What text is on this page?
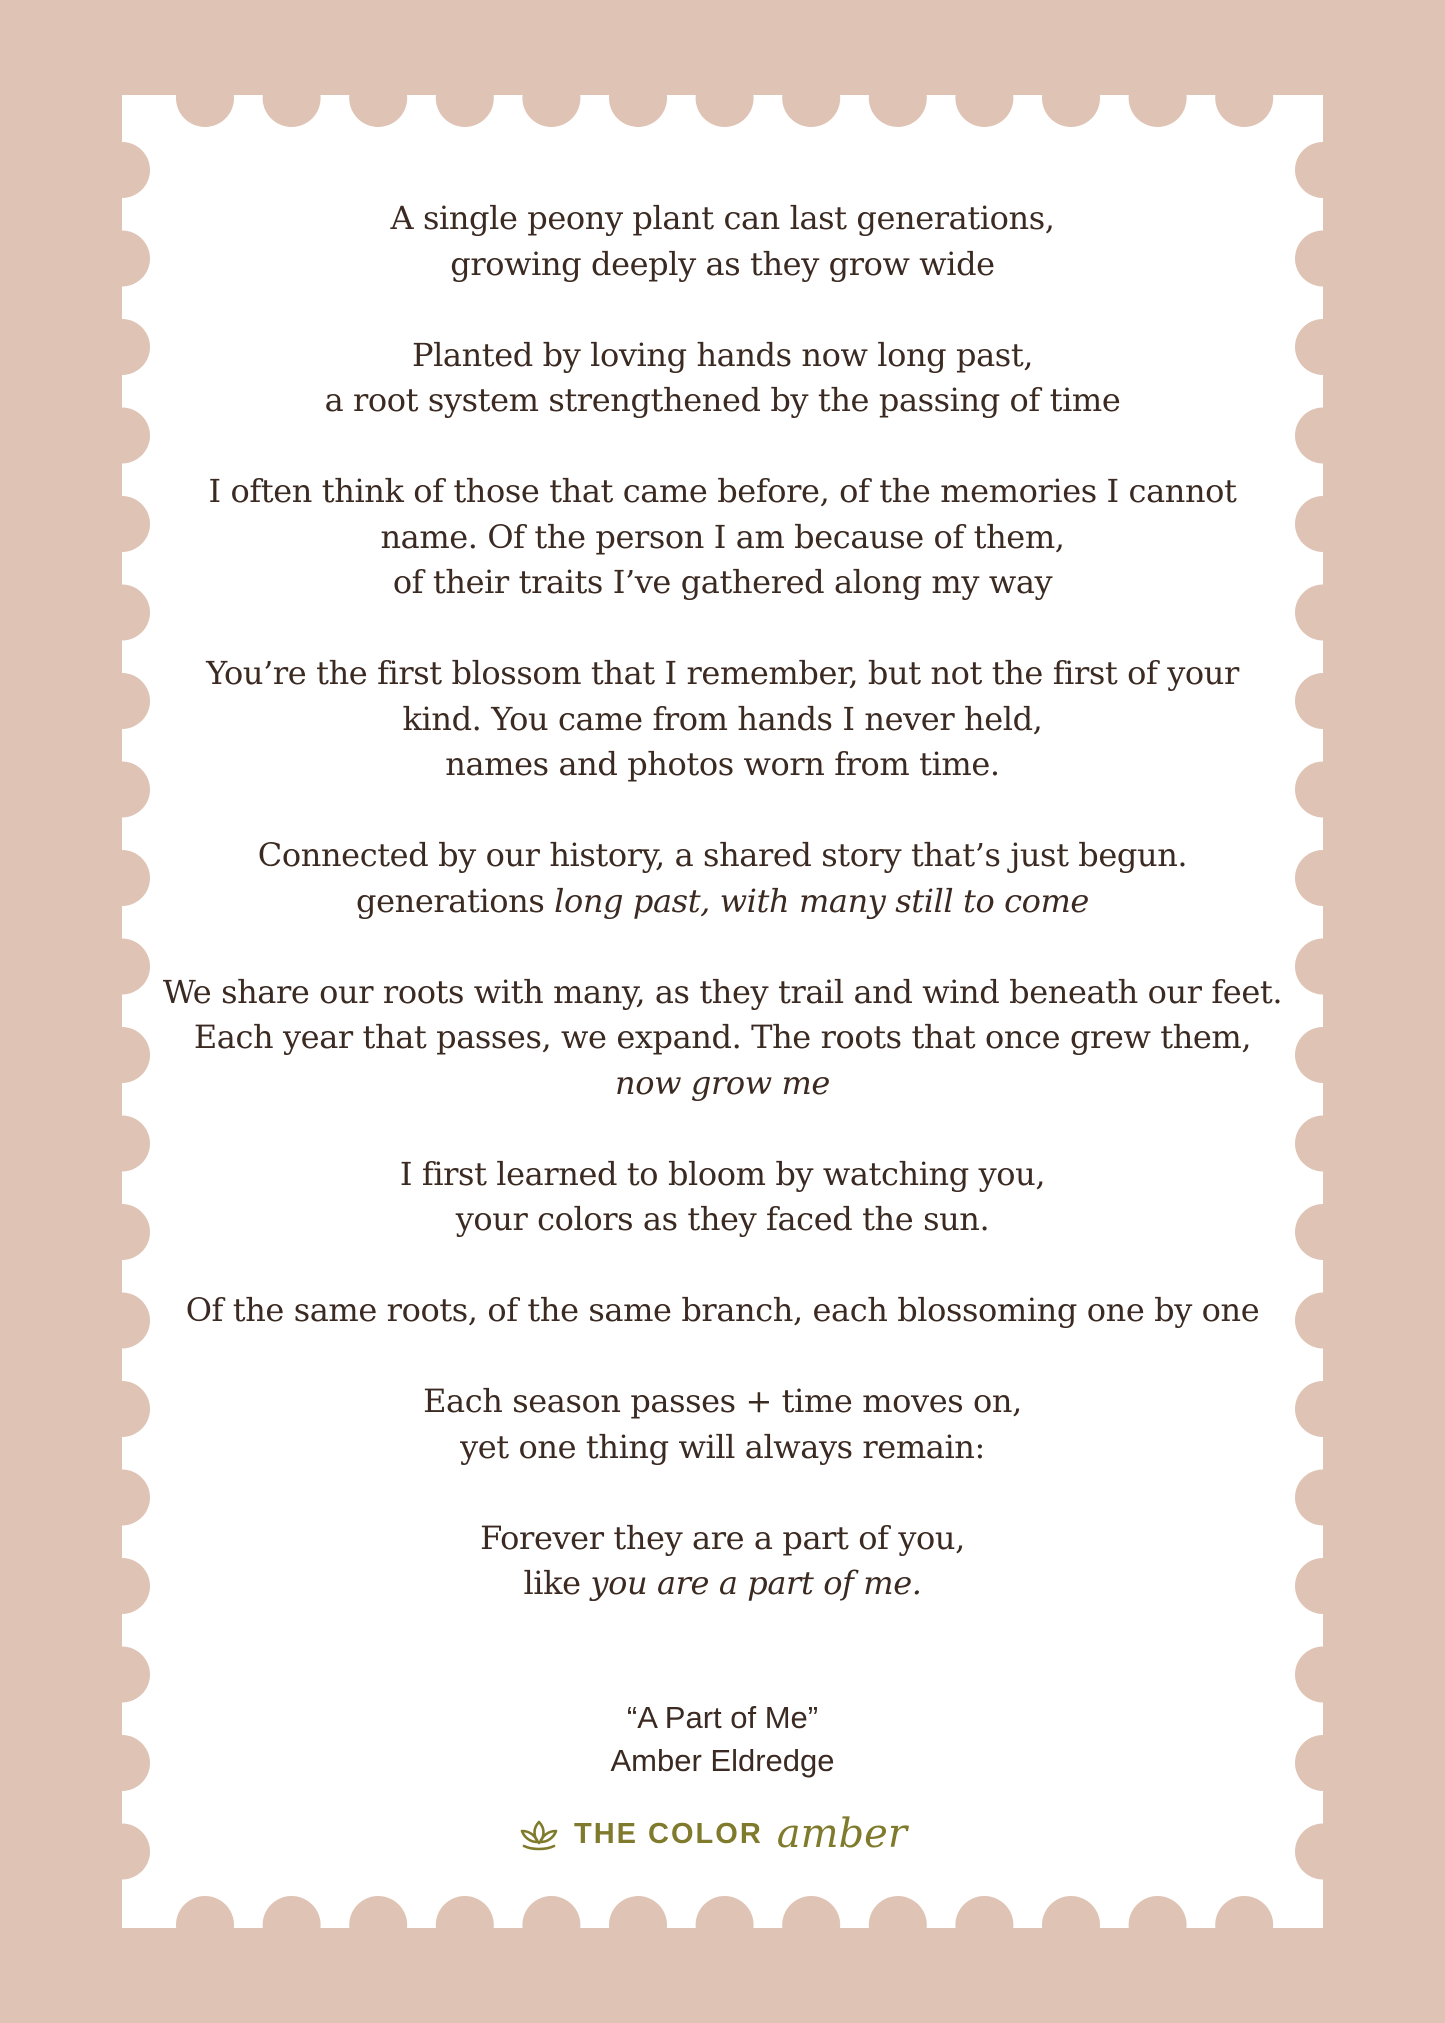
A single peony plant can last generations,
growing deeply as they grow wide
Planted by loving hands now long past,
a root system strengthened by the passing of time
I often think of those that came before, of the memories I cannot
name. Of the person I am because of them,
of their traits I’ve gathered along my way
You’re the first blossom that I remember, but not the first of your
kind. You came from hands I never held,
names and photos worn from time.
Connected by our history, a shared story that’s just begun.
generations long past, with many still to come
We share our roots with many, as they trail and wind beneath our feet.
Each year that passes, we expand. The roots that once grew them,
now grow me
I first learned to bloom by watching you,
your colors as they faced the sun.
Of the same roots, of the same branch, each blossoming one by one
Each season passes + time moves on,
yet one thing will always remain:
Forever they are a part of you,
like you are a part of me.
“A Part of Me”
Amber Eldredge
THE COLOR amber
